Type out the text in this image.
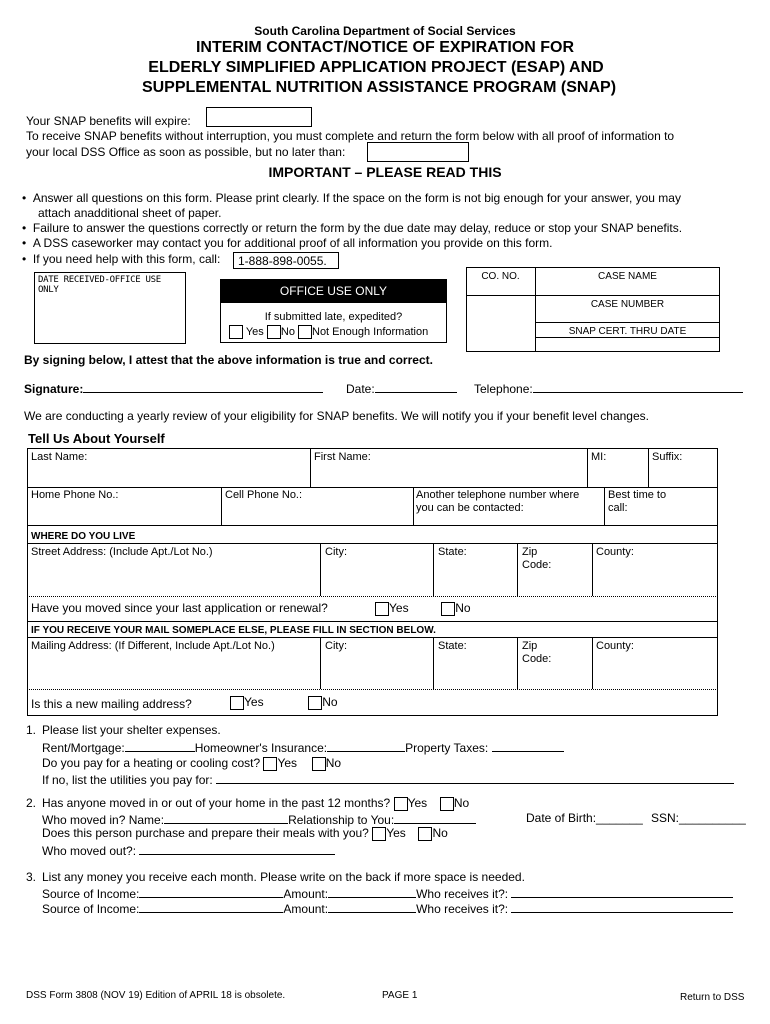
South Carolina Department of Social Services
INTERIM CONTACT/NOTICE OF EXPIRATION FOR
ELDERLY SIMPLIFIED APPLICATION PROJECT (ESAP) AND
SUPPLEMENTAL NUTRITION ASSISTANCE PROGRAM (SNAP)
Your SNAP benefits will expire:
To receive SNAP benefits without interruption, you must complete and return the form below with all proof of information to
your local DSS Office as soon as possible, but no later than:
IMPORTANT – PLEASE READ THIS
•  Answer all questions on this form. Please print clearly. If the space on the form is not big enough for your answer, you may
attach anadditional sheet of paper.
•  Failure to answer the questions correctly or return the form by the due date may delay, reduce or stop your SNAP benefits.
•  A DSS caseworker may contact you for additional proof of all information you provide on this form.
•  If you need help with this form, call:	1-888-898-0055.
DATE RECEIVED-OFFICE USE ONLY	OFFICE USE ONLY
If submitted late, expedited?
Yes No Not Enough Information
CO. NO.	CASE NAME
CASE NUMBER
SNAP CERT. THRU DATE
By signing below, I attest that the above information is true and correct.
Signature:	Date:	Telephone:
We are conducting a yearly review of your eligibility for SNAP benefits. We will notify you if your benefit level changes.
Tell Us About Yourself
Last Name:	First Name:	MI:	Suffix:
Home Phone No.:	Cell Phone No.:	Another telephone number where
you can be contacted:
Best time to
call:
WHERE DO YOU LIVE
Street Address: (Include Apt./Lot No.)	City:	State:	Zip
Code:
County:
Have you moved since your last application or renewal?	Yes	No
IF YOU RECEIVE YOUR MAIL SOMEPLACE ELSE, PLEASE FILL IN SECTION BELOW.
Mailing Address: (If Different, Include Apt./Lot No.)	City:	State:	Zip
Code:
County:
Is this a new mailing address?	Yes	No
1. Please list your shelter expenses.
Rent/Mortgage:	Homeowner's Insurance:	Property Taxes:
Do you pay for a heating or cooling cost? Yes No
If no, list the utilities you pay for:
2. Has anyone moved in or out of your home in the past 12 months? Yes No
Who moved in? Name:	Relationship to You:	Date of Birth:_______ SSN:__________
Does this person purchase and prepare their meals with you? Yes No
Who moved out?:
3. List any money you receive each month. Please write on the back if more space is needed.
Source of Income:	Amount:	Who receives it?:
Source of Income:	Amount:	Who receives it?:
DSS Form 3808 (NOV 19) Edition of APRIL 18 is obsolete.	PAGE 1	Return to DSS
